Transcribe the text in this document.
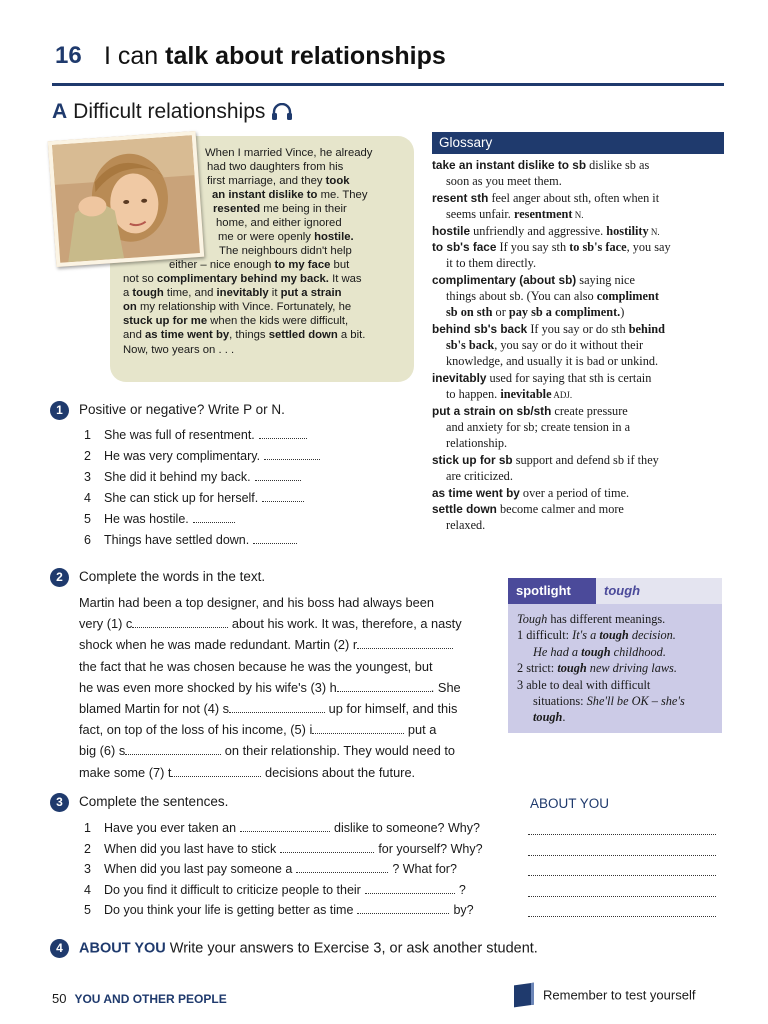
16 I can talk about relationships
A Difficult relationships
When I married Vince, he already
had two daughters from his
first marriage, and they took
an instant dislike to me. They
resented me being in their
home, and either ignored
me or were openly hostile.
The neighbours didn't help
either – nice enough to my face but
not so complimentary behind my back. It was
a tough time, and inevitably it put a strain
on my relationship with Vince. Fortunately, he
stuck up for me when the kids were difficult,
and as time went by, things settled down a bit.
Now, two years on . . .
Glossary
take an instant dislike to sb dislike sb as
soon as you meet them.
resent sth feel anger about sth, often when it
seems unfair. resentment N.
hostile unfriendly and aggressive. hostility N.
to sb's face If you say sth to sb's face, you say
it to them directly.
complimentary (about sb) saying nice
things about sb. (You can also compliment
sb on sth or pay sb a compliment.)
behind sb's back If you say or do sth behind
sb's back, you say or do it without their
knowledge, and usually it is bad or unkind.
inevitably used for saying that sth is certain
to happen. inevitable ADJ.
put a strain on sb/sth create pressure
and anxiety for sb; create tension in a
relationship.
stick up for sb support and defend sb if they
are criticized.
as time went by over a period of time.
settle down become calmer and more
relaxed.
1 Positive or negative? Write P or N.
1 She was full of resentment.
2 He was very complimentary.
3 She did it behind my back.
4 She can stick up for herself.
5 He was hostile.
6 Things have settled down.
2 Complete the words in the text.
Martin had been a top designer, and his boss had always been
very (1) c	about his work. It was, therefore, a nasty
shock when he was made redundant. Martin (2) r
the fact that he was chosen because he was the youngest, but
he was even more shocked by his wife's (3) h	. She
blamed Martin for not (4) s	up for himself, and this
fact, on top of the loss of his income, (5) i	put a
big (6) s	on their relationship. They would need to
make some (7) t	decisions about the future.
spotlight	tough
Tough has different meanings.
1 difficult: It's a tough decision.
He had a tough childhood.
2 strict: tough new driving laws.
3 able to deal with difficult
situations: She'll be OK – she's
tough.
3 Complete the sentences.	ABOUT YOU
1 Have you ever taken an	dislike to someone? Why?
2 When did you last have to stick	for yourself? Why?
3 When did you last pay someone a	? What for?
4 Do you find it difficult to criticize people to their	?
5 Do you think your life is getting better as time	by?
4 ABOUT YOU Write your answers to Exercise 3, or ask another student.
50 YOU AND OTHER PEOPLE	Remember to test yourself
